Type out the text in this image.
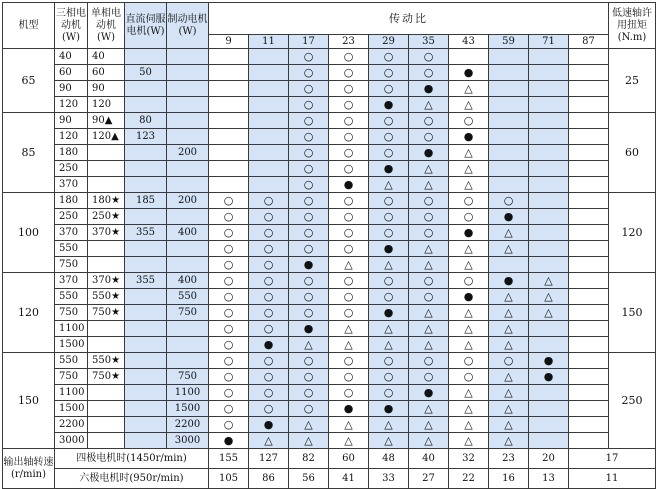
机型	三相电动机(W)	单相电动机(W)	直流伺服电机(W)	制动电机(W)	传动比										低速轴许用扭矩(N.m)
					9	11	17	23	29	35	43	59	71	87	
65	40	40					○	○	○	○					25
	60	60	50				○	○	○	○	●				
	90	90					○	○	○	●	△				
	120	120					○	○	●	△	△				
85	90	90▲	80				○	○	○	○	○				60
	120	120▲	123				○	○	○	○	●				
	180			200			○	○	○	●	△				
	250						○	○	●	△	△				
	370						○	●	△	△	△				
100	180	180★	185	200	○	○	○	○	○	○	○	○			120
	250	250★			○	○	○	○	○	○	○	●			
	370	370★	355	400	○	○	○	○	○	○	●	△			
	550				○	○	○	○	●	△	△	△			
	750				○	○	●	△	△	△	△				
120	370	370★	355	400	○	○	○	○	○	○	○	●	△		150
	550	550★		550	○	○	○	○	○	○	●	△	△		
	750	750★		750	○	○	○	○	●	△	△	△	△		
	1100				○	○	●	△	△	△	△	△			
	1500				○	●	△	△	△	△	△	△			
150	550	550★			○	○	○	○	○	○	○	○	●		250
	750	750★		750	○	○	○	○	○	○	○	△	●		
	1100			1100	○	○	○	○	○	●	△	△			
	1500			1500	○	○	○	●	●	△	△	△			
	2200			2200	○	●	△	△	△	△	△	△			
	3000			3000	●	△	△	△	△	△	△	△			
输出轴转速(r/min)	四极电机时(1450r/min)				155	127	82	60	48	40	32	23	20	17	
	六极电机时(950r/min)				105	86	56	41	33	27	22	16	13	11	
